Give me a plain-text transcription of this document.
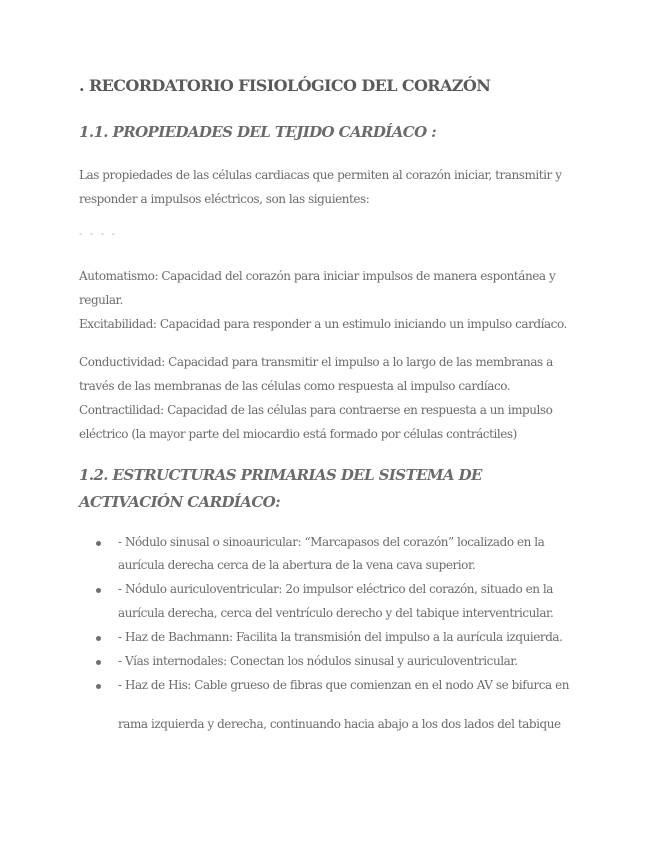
. RECORDATORIO FISIOLÓGICO DEL CORAZÓN
1.1. PROPIEDADES DEL TEJIDO CARDÍACO :
Las propiedades de las células cardiacas que permiten al corazón iniciar, transmitir y
responder a impulsos eléctricos, son las siguientes:
- - - -
Automatismo: Capacidad del corazón para iniciar impulsos de manera espontánea y
regular.
Excitabilidad: Capacidad para responder a un estimulo iniciando un impulso cardíaco.
Conductividad: Capacidad para transmitir el impulso a lo largo de las membranas a
través de las membranas de las células como respuesta al impulso cardíaco.
Contractilidad: Capacidad de las células para contraerse en respuesta a un impulso
eléctrico (la mayor parte del miocardio está formado por células contráctiles)
1.2. ESTRUCTURAS PRIMARIAS DEL SISTEMA DE ACTIVACIÓN CARDÍACO:
- Nódulo sinusal o sinoauricular: “Marcapasos del corazón” localizado en la
aurícula derecha cerca de la abertura de la vena cava superior.
- Nódulo auriculoventricular: 2o impulsor eléctrico del corazón, situado en la
aurícula derecha, cerca del ventrículo derecho y del tabique interventricular.
- Haz de Bachmann: Facilita la transmisión del impulso a la aurícula izquierda.
- Vías internodales: Conectan los nódulos sinusal y auriculoventricular.
- Haz de His: Cable grueso de fibras que comienzan en el nodo AV se bifurca en
rama izquierda y derecha, continuando hacia abajo a los dos lados del tabique
